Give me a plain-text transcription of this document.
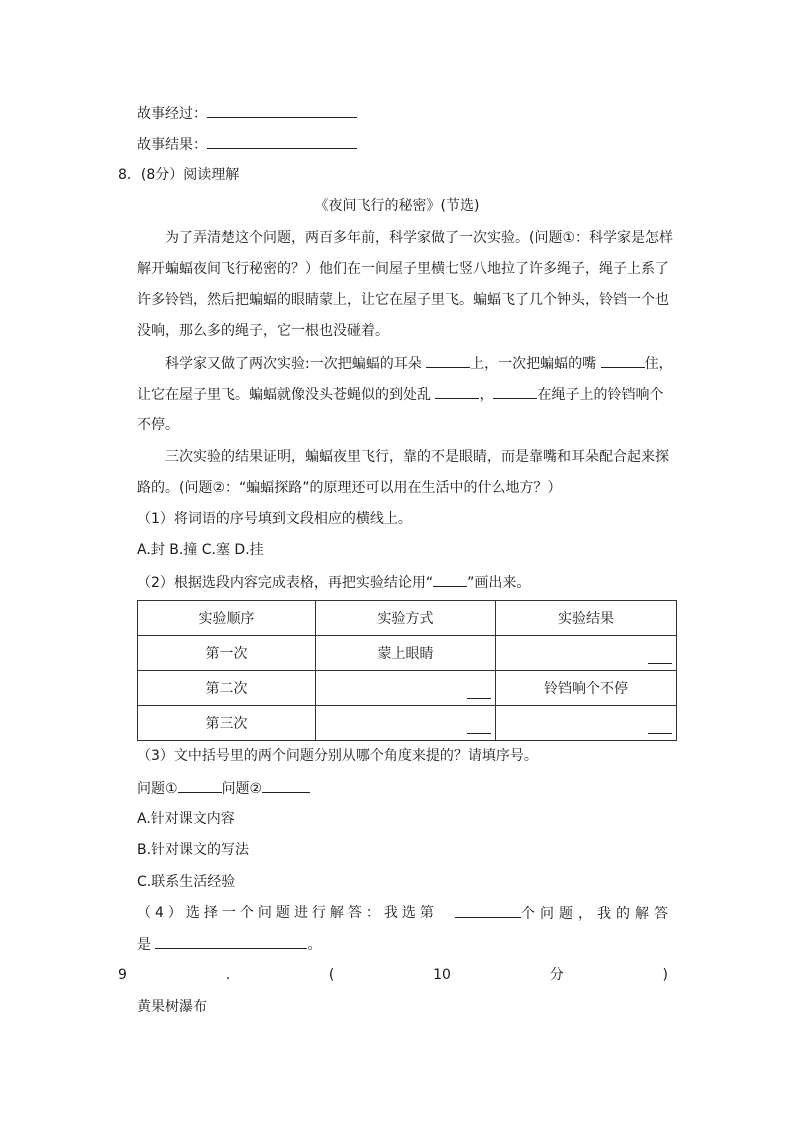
故事经过：
故事结果：
8．(8分）阅读理解
《夜间飞行的秘密》(节选)
为了弄清楚这个问题，两百多年前，科学家做了一次实验。(问题①：科学家是怎样
解开蝙蝠夜间飞行秘密的？）他们在一间屋子里横七竖八地拉了许多绳子，绳子上系了
许多铃铛，然后把蝙蝠的眼睛蒙上，让它在屋子里飞。蝙蝠飞了几个钟头，铃铛一个也
没响，那么多的绳子，它一根也没碰着。
科学家又做了两次实验:一次把蝙蝠的耳朵	上，一次把蝙蝠的嘴	住，
让它在屋子里飞。蝙蝠就像没头苍蝇似的到处乱	，	在绳子上的铃铛响个
不停。
三次实验的结果证明，蝙蝠夜里飞行，靠的不是眼睛，而是靠嘴和耳朵配合起来探
路的。(问题②：“蝙蝠探路”的原理还可以用在生活中的什么地方？）
（1）将词语的序号填到文段相应的横线上。
A.封 B.撞 C.塞 D.挂
（2）根据选段内容完成表格，再把实验结论用“ ”画出来。
实验顺序	实验方式	实验结果
第一次	蒙上眼睛	

第二次		铃铛响个不停
第三次	

（3）文中括号里的两个问题分别从哪个角度来提的？请填序号。
问题①	问题②
A.针对课文内容
B.针对课文的写法
C.联系生活经验
（4）选择一个问题进行解答：我选第	个问题，我的解答
是	。
9	.	(	10	分	)
黄果树瀑布
